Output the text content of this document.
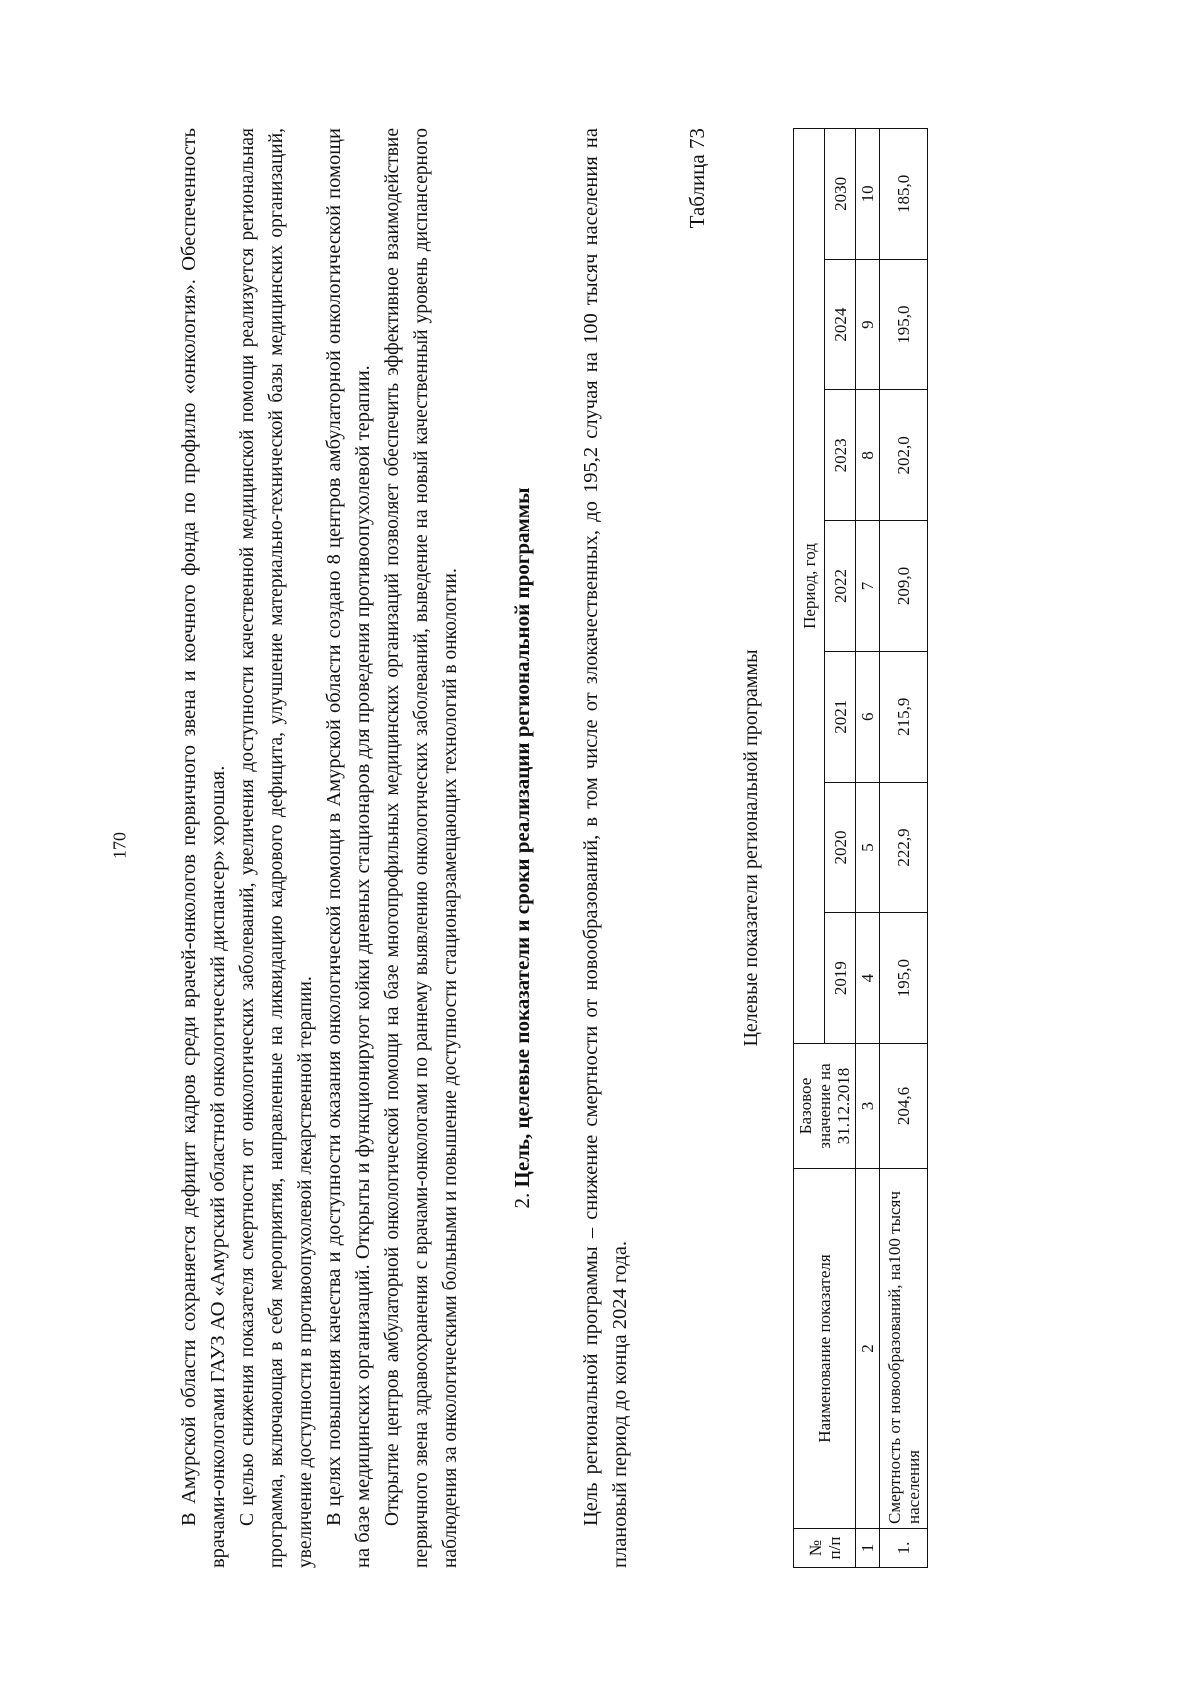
170 В Амурской области сохраняется дефицит кадров среди врачей-онкологов первичного звена и коечного фонда по профилю «онкология». Обеспеченность врачами-онкологами ГАУЗ АО «Амурский областной онкологический диспансер» хорошая. С целью снижения показателя смертности от онкологических заболеваний, увеличения доступности качественной медицинской помощи реализуется региональная программа, включающая в себя мероприятия, направленные на ликвидацию кадрового дефицита, улучшение материально-технической базы медицинских организаций, увеличение доступности в противоопухолевой лекарственной терапии. В целях повышения качества и доступности оказания онкологической помощи в Амурской области создано 8 центров амбулаторной онкологической помощи на базе медицинских организаций. Открыты и функционируют койки дневных стационаров для проведения противоопухолевой терапии. Открытие центров амбулаторной онкологической помощи на базе многопрофильных медицинских организаций позволяет обеспечить эффективное взаимодействие первичного звена здравоохранения с врачами-онкологами по раннему выявлению онкологических заболеваний, выведение на новый качественный уровень диспансерного наблюдения за онкологическими больными и повышение доступности стационарзамещающих технологий в онкологии. 2. Цель, целевые показатели и сроки реализации региональной программы Цель региональной программы – снижение смертности от новообразований, в том числе от злокачественных, до 195,2 случая на 100 тысяч населения на плановый период до конца 2024 года.

Таблица 73
Целевые показатели региональной программы
№ п/п	Наименование показателя	Базовое значение на 31.12.2018	Период, год						
			2019	2020	2021	2022	2023	2024	2030
1	2	3	4	5	6	7	8	9	10
1.	Смертность от новообразований, на100 тысяч населения	204,6	195,0	222,9	215,9	209,0	202,0	195,0	185,0
